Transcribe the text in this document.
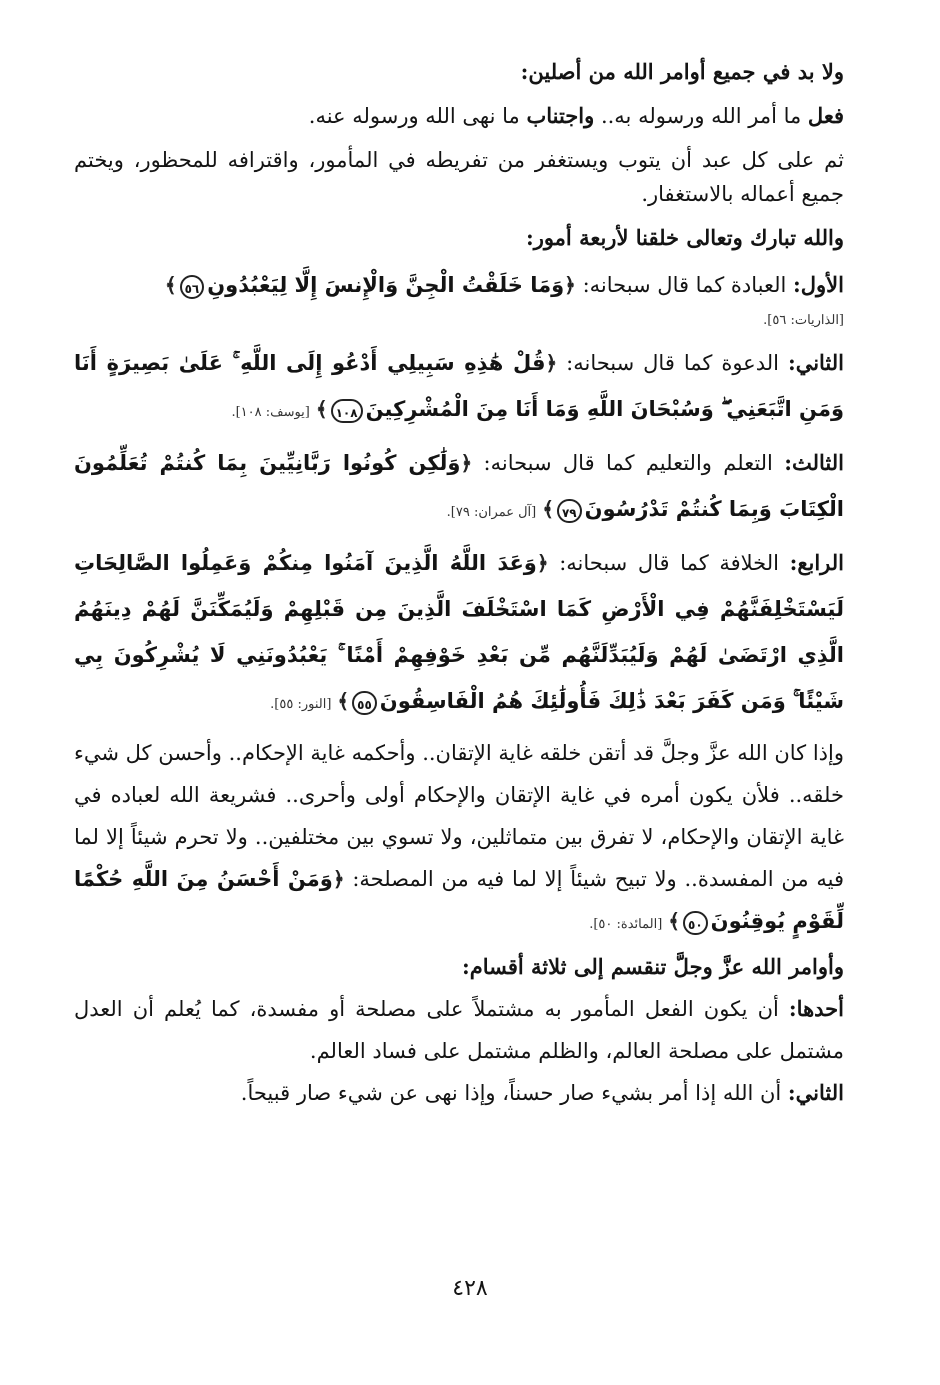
ولا بد في جميع أوامر الله من أصلين:

فعل ما أمر الله ورسوله به.. واجتناب ما نهى الله ورسوله عنه.

ثم على كل عبد أن يتوب ويستغفر من تفريطه في المأمور، واقترافه للمحظور، ويختم جميع أعماله بالاستغفار.

والله تبارك وتعالى خلقنا لأربعة أمور:

الأول: العبادة كما قال سبحانه: ﴿وَمَا خَلَقْتُ الْجِنَّ وَالْإِنسَ إِلَّا لِيَعْبُدُونِ٥٦﴾

[الذاريات: ٥٦].

الثاني: الدعوة كما قال سبحانه: ﴿قُلْ هَٰذِهِ سَبِيلِي أَدْعُو إِلَى اللَّهِ ۚ عَلَىٰ بَصِيرَةٍ أَنَا وَمَنِ اتَّبَعَنِي ۖ وَسُبْحَانَ اللَّهِ وَمَا أَنَا مِنَ الْمُشْرِكِينَ١٠٨﴾[يوسف: ١٠٨].

الثالث: التعلم والتعليم كما قال سبحانه: ﴿وَلَٰكِن كُونُوا رَبَّانِيِّينَ بِمَا كُنتُمْ تُعَلِّمُونَ الْكِتَابَ وَبِمَا كُنتُمْ تَدْرُسُونَ٧٩﴾[آل عمران: ٧٩].

الرابع: الخلافة كما قال سبحانه: ﴿وَعَدَ اللَّهُ الَّذِينَ آمَنُوا مِنكُمْ وَعَمِلُوا الصَّالِحَاتِ لَيَسْتَخْلِفَنَّهُمْ فِي الْأَرْضِ كَمَا اسْتَخْلَفَ الَّذِينَ مِن قَبْلِهِمْ وَلَيُمَكِّنَنَّ لَهُمْ دِينَهُمُ الَّذِي ارْتَضَىٰ لَهُمْ وَلَيُبَدِّلَنَّهُم مِّن بَعْدِ خَوْفِهِمْ أَمْنًا ۚ يَعْبُدُونَنِي لَا يُشْرِكُونَ بِي شَيْئًا ۚ وَمَن كَفَرَ بَعْدَ ذَٰلِكَ فَأُولَٰئِكَ هُمُ الْفَاسِقُونَ٥٥﴾[النور: ٥٥].

وإذا كان الله عزَّ وجلَّ قد أتقن خلقه غاية الإتقان.. وأحكمه غاية الإحكام.. وأحسن كل شيء خلقه.. فلأن يكون أمره في غاية الإتقان والإحكام أولى وأحرى.. فشريعة الله لعباده في غاية الإتقان والإحكام، لا تفرق بين متماثلين، ولا تسوي بين مختلفين.. ولا تحرم شيئاً إلا لما فيه من المفسدة.. ولا تبيح شيئاً إلا لما فيه من المصلحة: ﴿وَمَنْ أَحْسَنُ مِنَ اللَّهِ حُكْمًا لِّقَوْمٍ يُوقِنُونَ٥٠﴾[المائدة: ٥٠].

وأوامر الله عزَّ وجلَّ تنقسم إلى ثلاثة أقسام:

أحدها: أن يكون الفعل المأمور به مشتملاً على مصلحة أو مفسدة، كما يُعلم أن العدل مشتمل على مصلحة العالم، والظلم مشتمل على فساد العالم.

الثاني: أن الله إذا أمر بشيء صار حسناً، وإذا نهى عن شيء صار قبيحاً.

٤٢٨
